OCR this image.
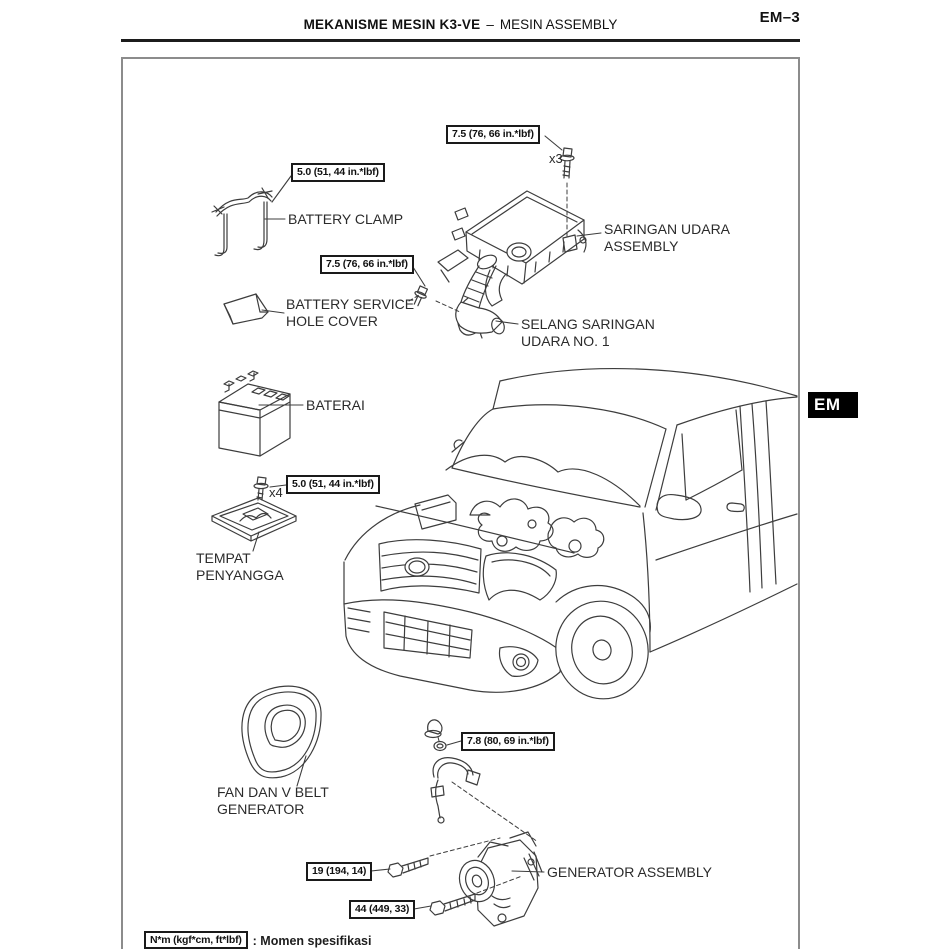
MEKANISME MESIN K3-VE – MESIN ASSEMBLY	EM–3
EM
7.5 (76, 66 in.*lbf)
5.0 (51, 44 in.*lbf)
7.5 (76, 66 in.*lbf)
5.0 (51, 44 in.*lbf)
7.8 (80, 69 in.*lbf)
19 (194, 14)
44 (449, 33)
x3
x4
BATTERY CLAMP
SARINGAN UDARA
ASSEMBLY
BATTERY SERVICE
HOLE COVER	SELANG SARINGAN
UDARA NO. 1
BATERAI
TEMPAT
PENYANGGA
FAN DAN V BELT
GENERATOR
GENERATOR ASSEMBLY
N*m (kgf*cm, ft*lbf) : Momen spesifikasi
